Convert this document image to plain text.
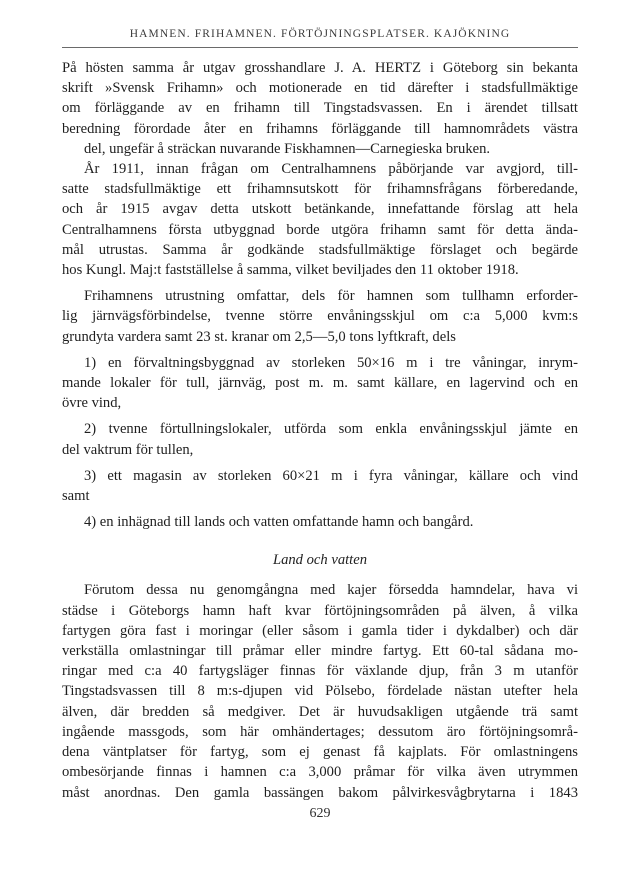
HAMNEN. FRIHAMNEN. FÖRTÖJNINGSPLATSER. KAJÖKNING
På hösten samma år utgav grosshandlare J. A. HERTZ i Göteborg sin bekanta
skrift »Svensk Frihamn» och motionerade en tid därefter i stadsfullmäktige
om förläggande av en frihamn till Tingstadsvassen. En i ärendet tillsatt
beredning förordade åter en frihamns förläggande till hamnområdets västra
del, ungefär å sträckan nuvarande Fiskhamnen—Carnegieska bruken.
År 1911, innan frågan om Centralhamnens påbörjande var avgjord, till-
satte stadsfullmäktige ett frihamnsutskott för frihamnsfrågans förberedande,
och år 1915 avgav detta utskott betänkande, innefattande förslag att hela
Centralhamnens första utbyggnad borde utgöra frihamn samt för detta ända-
mål utrustas. Samma år godkände stadsfullmäktige förslaget och begärde
hos Kungl. Maj:t fastställelse å samma, vilket beviljades den 11 oktober 1918.
Frihamnens utrustning omfattar, dels för hamnen som tullhamn erforder-
lig järnvägsförbindelse, tvenne större envåningsskjul om c:a 5,000 kvm:s
grundyta vardera samt 23 st. kranar om 2,5—5,0 tons lyftkraft, dels
1) en förvaltningsbyggnad av storleken 50×16 m i tre våningar, inrym-
mande lokaler för tull, järnväg, post m. m. samt källare, en lagervind och en
övre vind,
2) tvenne förtullningslokaler, utförda som enkla envåningsskjul jämte en
del vaktrum för tullen,
3) ett magasin av storleken 60×21 m i fyra våningar, källare och vind
samt
4) en inhägnad till lands och vatten omfattande hamn och bangård.
Land och vatten
Förutom dessa nu genomgångna med kajer försedda hamndelar, hava vi
städse i Göteborgs hamn haft kvar förtöjningsområden på älven, å vilka
fartygen göra fast i moringar (eller såsom i gamla tider i dykdalber) och där
verkställa omlastningar till pråmar eller mindre fartyg. Ett 60-tal sådana mo-
ringar med c:a 40 fartygsläger finnas för växlande djup, från 3 m utanför
Tingstadsvassen till 8 m:s-djupen vid Pölsebo, fördelade nästan utefter hela
älven, där bredden så medgiver. Det är huvudsakligen utgående trä samt
ingående massgods, som här omhändertages; dessutom äro förtöjningsområ-
dena väntplatser för fartyg, som ej genast få kajplats. För omlastningens
ombesörjande finnas i hamnen c:a 3,000 pråmar för vilka även utrymmen
måst anordnas. Den gamla bassängen bakom pålvirkesvågbrytarna i 1843
629
